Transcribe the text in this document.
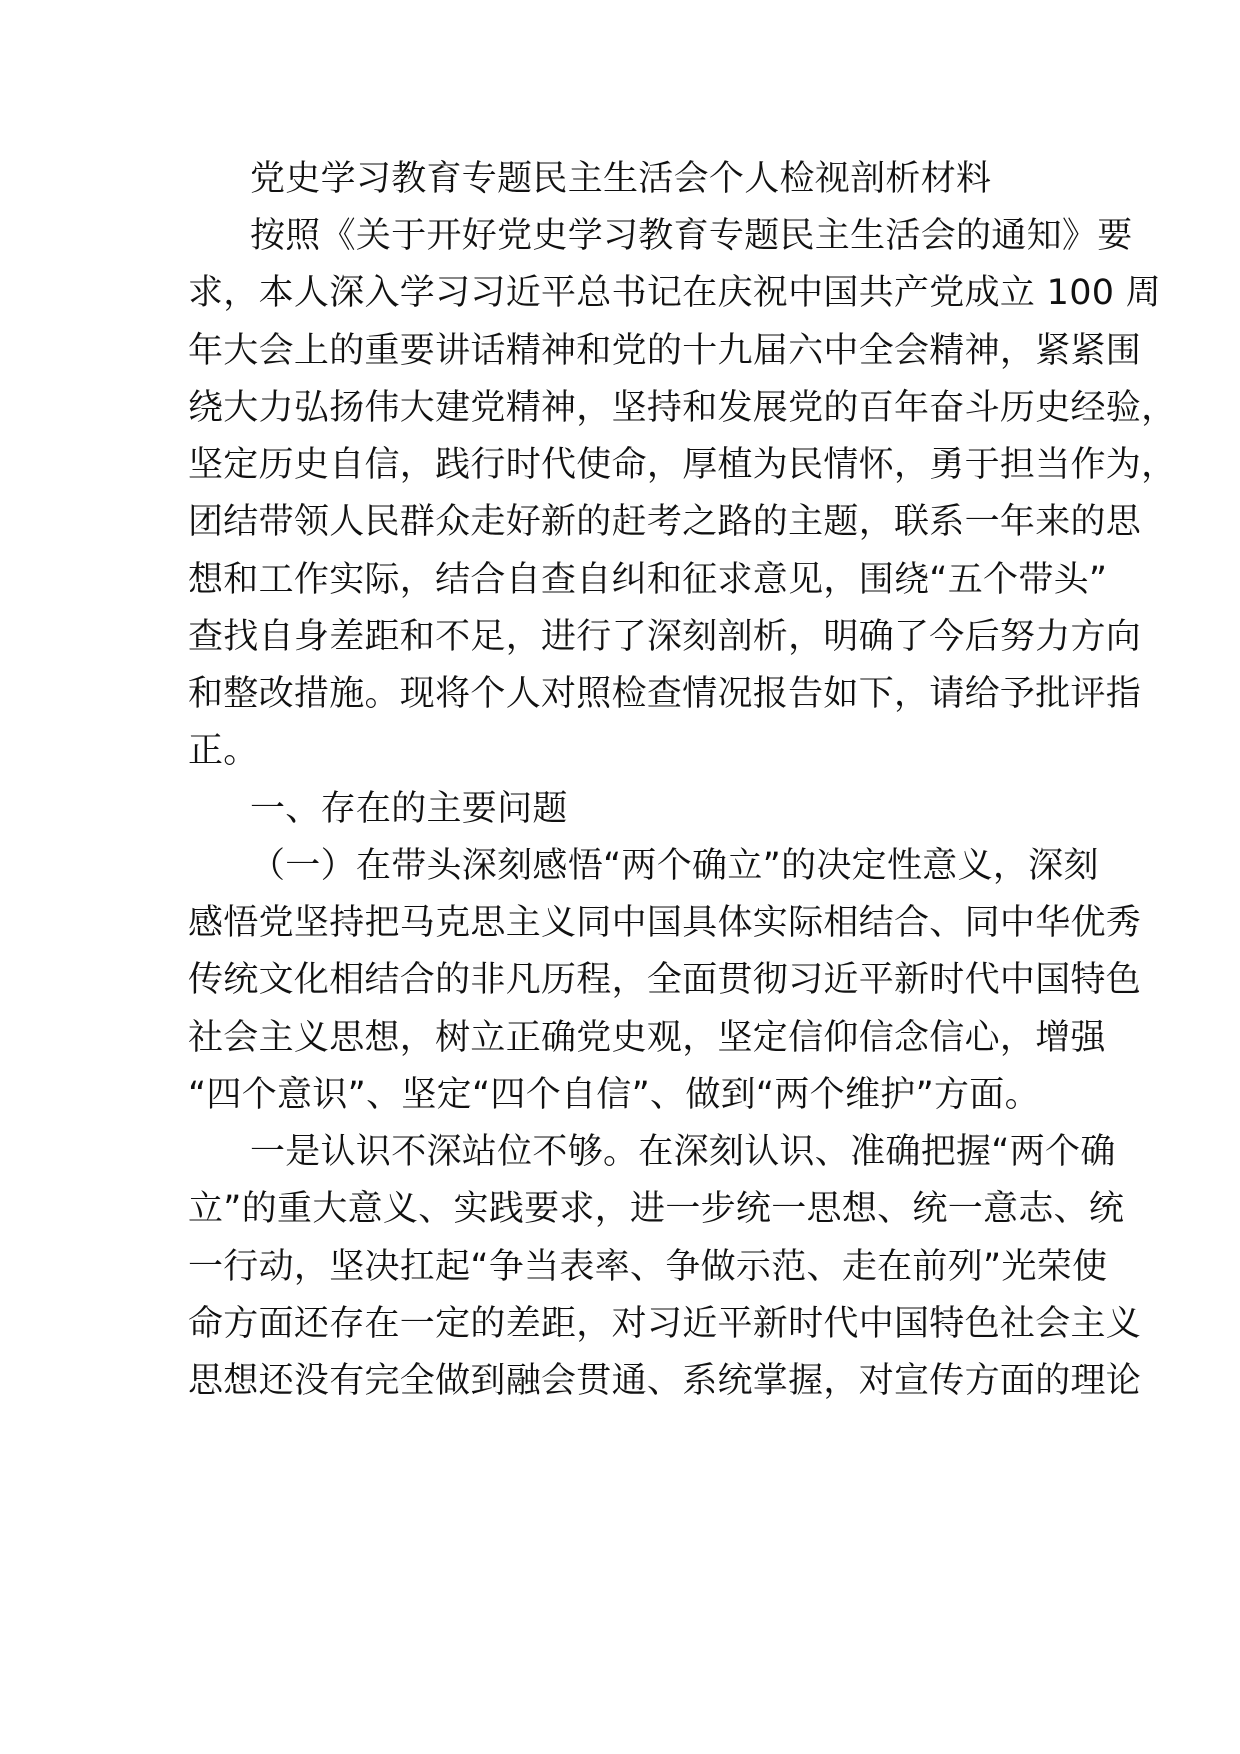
党史学习教育专题民主生活会个人检视剖析材料
按照《关于开好党史学习教育专题民主生活会的通知》要
求，本人深入学习习近平总书记在庆祝中国共产党成立 100 周
年大会上的重要讲话精神和党的十九届六中全会精神，紧紧围
绕大力弘扬伟大建党精神，坚持和发展党的百年奋斗历史经验，
坚定历史自信，践行时代使命，厚植为民情怀，勇于担当作为，
团结带领人民群众走好新的赶考之路的主题，联系一年来的思
想和工作实际，结合自查自纠和征求意见，围绕“五个带头”
查找自身差距和不足，进行了深刻剖析，明确了今后努力方向
和整改措施。现将个人对照检查情况报告如下，请给予批评指
正。
一、存在的主要问题
（一）在带头深刻感悟“两个确立”的决定性意义，深刻
感悟党坚持把马克思主义同中国具体实际相结合、同中华优秀
传统文化相结合的非凡历程，全面贯彻习近平新时代中国特色
社会主义思想，树立正确党史观，坚定信仰信念信心，增强
“四个意识”、坚定“四个自信”、做到“两个维护”方面。
一是认识不深站位不够。在深刻认识、准确把握“两个确
立”的重大意义、实践要求，进一步统一思想、统一意志、统
一行动，坚决扛起“争当表率、争做示范、走在前列”光荣使
命方面还存在一定的差距，对习近平新时代中国特色社会主义
思想还没有完全做到融会贯通、系统掌握，对宣传方面的理论
